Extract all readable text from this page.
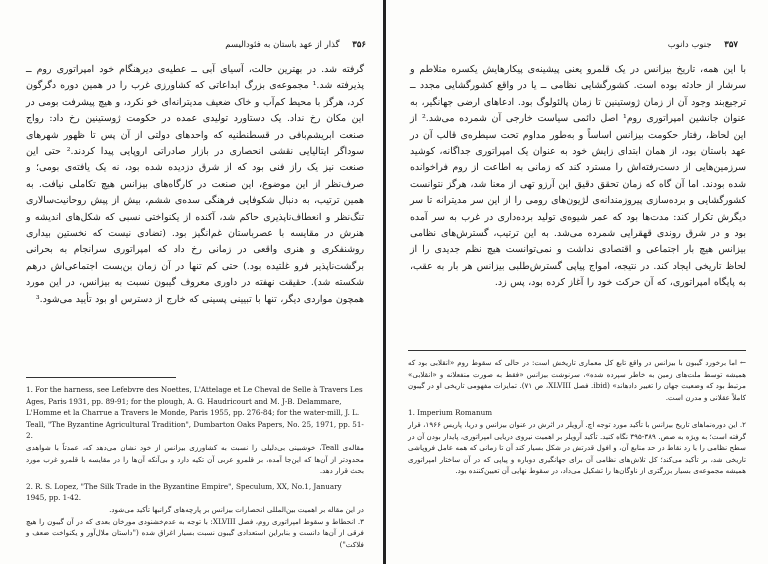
۳۵۶ گذار از عهد باستان به فئودالیسم
گرفته شد. در بهترین حالت، آسیای آبی ــ عطیه‌ی دیرهنگام خود امپراتوری روم ــ پذیرفته شد.¹ مجموعه‌ی بزرگ ابداعاتی که کشاورزی غرب را در همین دوره دگرگون کرد، هرگز با محیط کم‌آب و خاک ضعیف مدیترانه‌ای خو نکرد، و هیچ پیشرفت بومی در این مکان رخ نداد. یک دستاورد تولیدی عمده در حکومت ژوستینین رخ داد: رواج صنعت ابریشم‌بافی در قسطنطنیه که واحدهای دولتی از آن پس تا ظهور شهرهای سوداگر ایتالیایی نقشی انحصاری در بازار صادراتی اروپایی پیدا کردند.² حتی این صنعت نیز یک راز فنی بود که از شرق دزدیده شده بود، نه یک یافته‌ی بومی؛ و صرف‌نظر از این موضوع، این صنعت در کارگاه‌های بیزانس هیچ تکاملی نیافت. به همین ترتیب، به دنبال شکوفایی فرهنگی سده‌ی ششم، بیش از پیش روحانیت‌سالاری تنگ‌نظر و انعطاف‌ناپذیری حاکم شد، آکنده از یکنواختی نسبی که شکل‌های اندیشه و هنرش در مقایسه با عصرباستان غم‌انگیز بود. (تضادی نیست که نخستین بیداری روشنفکری و هنری واقعی در زمانی رخ داد که امپراتوری سرانجام به بحرانی برگشت‌ناپذیر فرو غلتیده بود.) حتی کم تنها در آن زمان بن‌بست اجتماعی‌اش درهم شکسته شد). حقیقت نهفته در داوری معروف گیبون نسبت به بیزانس، در این مورد همچون مواردی دیگر، تنها با تبیینی پسینی که خارج از دسترس او بود تأیید می‌شود.³
1. For the harness, see Lefebvre des Noettes, L'Attelage et Le Cheval de Selle à Travers Les Ages, Paris 1931, pp. 89-91; for the plough, A. G. Haudricourt and M. J-B. Delammare, L'Homme et la Charrue a Travers le Monde, Paris 1955, pp. 276-84; for the water-mill, J. L. Teall, "The Byzantine Agricultural Tradition", Dumbarton Oaks Papers, No. 25, 1971, pp. 51-2.
مقاله‌ی Teall، خوشبینی بی‌دلیلی را نسبت به کشاورزی بیزانس از خود نشان می‌دهد که، عمدتاً با شواهدی محدودتر از آن‌ها که این‌جا آمده، بر قلمرو عربی آن تکیه دارد و بی‌آنکه آن‌ها را در مقایسه با قلمرو غرب مورد بحث قرار دهد.
2. R. S. Lopez, "The Silk Trade in the Byzantine Empire", Speculum, XX, No.1, January 1945, pp. 1-42.
در این مقاله بر اهمیت بین‌المللی انحصارات بیزانس بر پارچه‌های گرانبها تأکید می‌شود.
۳. انحطاط و سقوط امپراتوری روم، فصل XLVIII: با توجه به عدم‌خشنودی مورخان بعدی که در آن گیبون را هیچ فرقی از آن‌ها دانست و بنابراین استعدادی گیبون نسبت بسیار اغراق شده ("داستان ملال‌آور و یکنواخت ضعف و فلاکت")
۳۵۷ جنوب دانوب
با این همه، تاریخ بیزانس در یک قلمرو یعنی پیشینه‌ی پیکارهایش یکسره متلاطم و سرشار از حادثه بوده است. کشورگشایی نظامی ــ یا در واقع کشورگشایی مجدد ــ ترجیع‌بند وجود آن از زمان ژوستینین تا زمان پالئولوگ بود. ادعاهای ارضی جهانگیر، به عنوان جانشین امپراتوری روم¹ اصل دائمی سیاست خارجی آن شمرده می‌شد.² از این لحاظ، رفتار حکومت بیزانس اساساً و به‌طور مداوم تحت سیطره‌ی قالب آن در عهد باستان بود، از همان ابتدای زایش خود به عنوان یک امپراتوری جداگانه، کوشید سرزمین‌هایی از دست‌رفته‌اش را مسترد کند که زمانی به اطاعت از روم فراخوانده شده بودند. اما آن گاه که زمان تحقق دقیق این آرزو تهی از معنا شد، هرگز نتوانست کشورگشایی و برده‌سازی پیروزمندانه‌ی لژیون‌های رومی را از این سر مدیترانه تا سر دیگرش تکرار کند: مدت‌ها بود که عمر شیوه‌ی تولید برده‌داری در غرب به سر آمده بود و در شرق روندی قهقرایی شمرده می‌شد. به این ترتیب، گسترش‌های نظامی بیزانس هیچ بار اجتماعی و اقتصادی نداشت و نمی‌توانست هیچ نظم جدیدی را از لحاظ تاریخی ایجاد کند. در نتیجه، امواج پیاپی گسترش‌طلبی بیزانس هر بار به عقب، به پایگاه امپراتوری، که آن حرکت خود را آغاز کرده بود، پس زد.
← اما برخورد گیبون با بیزانس در واقع تابع کل معماری تاریخش است: در حالی که سقوط روم «انقلابی بود که همیشه توسط ملت‌های زمین به خاطر سپرده شده»، سرنوشت بیزانس «فقط به صورت منفعلانه و «انقلابی» مرتبط بود که وضعیت جهان را تغییر دادهاند» (ibid. فصل XLVIII، ص ۷۱). تمایزات مفهومی تاریخی او در گیبون کاملاً عقلانی و مدرن است.
1. Imperium Romanum
۲. این دوره‌نماهای تاریخ بیزانس با تأکید مورد توجه اچ. آرویلر در اثرش در عنوان بیزانس و دریا، پاریس ۱۹۶۶، قرار گرفته است؛ به ویژه به صص. ۳۸۹-۳۹۵ نگاه کنید. تأکید آرویلر بر اهمیت نیروی دریایی امپراتوری، پایدار بودن آن در سطح نظامی را با رد نقاط در حد منابع آن، و افول قدرتش در شکل بسیار کند آن تا زمانی که همه عامل فروپاشی تاریخی شد، بر تأکید می‌کند؛ کل تلاش‌های نظامی آن برای جهانگیری دوباره و پیاپی که در آن ساختار امپراتوری همیشه مجموعه‌ی بسیار بزرگتری از ناوگان‌ها را تشکیل می‌داد، در سقوط نهایی آن تعیین‌کننده بود.
